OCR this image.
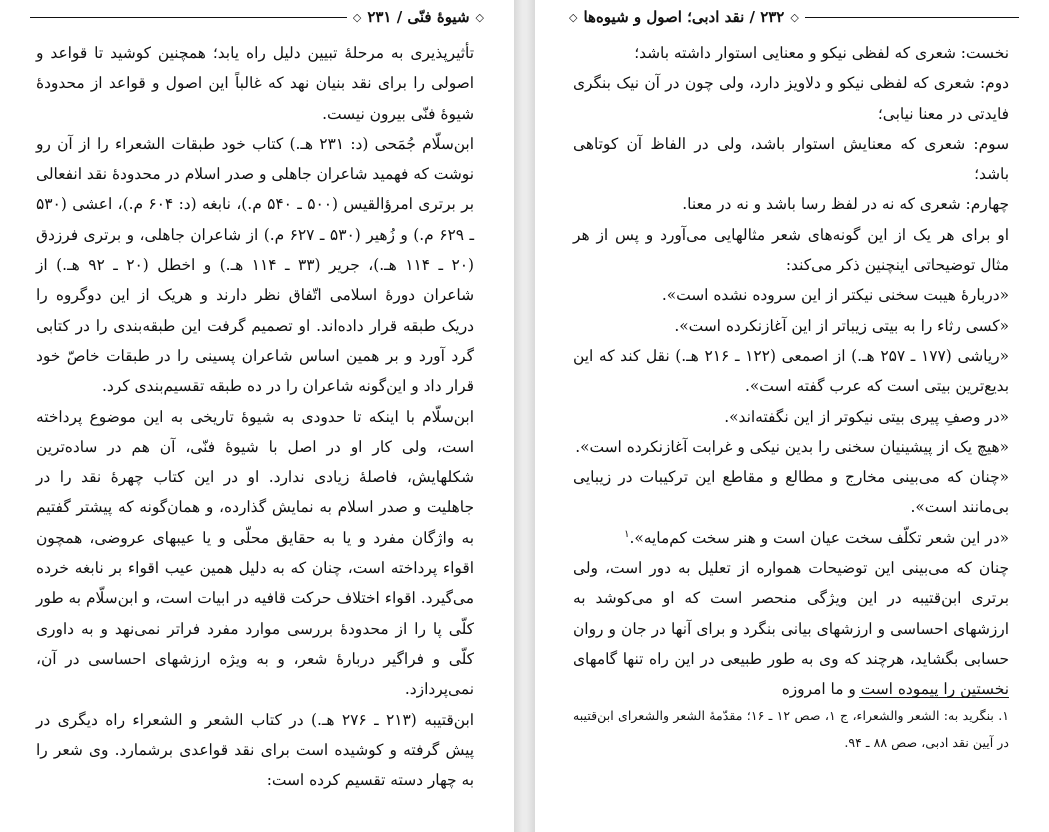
◇
شیوهٔ فنّی / ۲۳۱
◇

تأثیرپذیری به مرحلهٔ تبیین دلیل راه یابد؛ همچنین کوشید تا قواعد و اصولی را برای نقد بنیان نهد که غالباً این اصول و قواعد از محدودهٔ شیوهٔ فنّی بیرون نیست.

ابن‌سلّام جُمَحی (د: ۲۳۱ هـ.) کتاب خود طبقات الشعراء را از آن رو نوشت که فهمید شاعران جاهلی و صدر اسلام در محدودهٔ نقد انفعالی بر برتری امرؤالقیس (۵۰۰ ـ ۵۴۰ م.)، نابغه (د: ۶۰۴ م.)، اعشی (۵۳۰ ـ ۶۲۹ م.) و زُهیر (۵۳۰ ـ ۶۲۷ م.) از شاعران جاهلی، و برتری فرزدق (۲۰ ـ ۱۱۴ هـ.)، جریر (۳۳ ـ ۱۱۴ هـ.) و اخطل (۲۰ ـ ۹۲ هـ.) از شاعران دورهٔ اسلامی اتّفاق نظر دارند و هریک از این دوگروه را دریک طبقه قرار داده‌اند. او تصمیم گرفت این طبقه‌بندی را در کتابی گرد آورد و بر همین اساس شاعران پسینی را در طبقات خاصّ خود قرار داد و این‌گونه شاعران را در ده طبقه تقسیم‌بندی کرد.

ابن‌سلّام با اینکه تا حدودی به شیوهٔ تاریخی به این موضوع پرداخته است، ولی کار او در اصل با شیوهٔ فنّی، آن هم در ساده‌ترین شکلهایش، فاصلهٔ زیادی ندارد. او در این کتاب چهرهٔ نقد را در جاهلیت و صدر اسلام به نمایش گذارده، و همان‌گونه که پیشتر گفتیم به واژگان مفرد و یا به حقایق محلّی و یا عیبهای عروضی، همچون اقواء پرداخته است، چنان که به دلیل همین عیب اقواء بر نابغه خرده می‌گیرد. اقواء اختلاف حرکت قافیه در ابیات است، و ابن‌سلّام به طور کلّی پا را از محدودهٔ بررسی موارد مفرد فراتر نمی‌نهد و به داوری کلّی و فراگیر دربارهٔ شعر، و به ویژه ارزشهای احساسی در آن، نمی‌پردازد.

ابن‌قتیبه (۲۱۳ ـ ۲۷۶ هـ.) در کتاب الشعر و الشعراء راه دیگری در پیش گرفته و کوشیده است برای نقد قواعدی برشمارد. وی شعر را به چهار دسته تقسیم کرده است:

◇
۲۳۲ / نقد ادبی؛ اصول و شیوه‌ها
◇

نخست: شعری که لفظی نیکو و معنایی استوار داشته باشد؛

دوم: شعری که لفظی نیکو و دلاویز دارد، ولی چون در آن نیک بنگری فایدتی در معنا نیابی؛

سوم: شعری که معنایش استوار باشد، ولی در الفاظ آن کوتاهی باشد؛

چهارم: شعری که نه در لفظ رسا باشد و نه در معنا.

او برای هر یک از این گونه‌های شعر مثالهایی می‌آورد و پس از هر مثال توضیحاتی اینچنین ذکر می‌کند:

«دربارهٔ هیبت سخنی نیکتر از این سروده نشده است».

«کسی رثاء را به بیتی زیباتر از این آغازنکرده است».

«ریاشی (۱۷۷ ـ ۲۵۷ هـ.) از اصمعی (۱۲۲ ـ ۲۱۶ هـ.) نقل کند که این بدیع‌ترین بیتی است که عرب گفته است».

«در وصفِ پیری بیتی نیکوتر از این نگفته‌اند».

«هیچ یک از پیشینیان سخنی را بدین نیکی و غرابت آغازنکرده است».

«چنان که می‌بینی مخارج و مطالع و مقاطع این ترکیبات در زیبایی بی‌مانند است».

«در این شعر تکلّف سخت عیان است و هنر سخت کم‌مایه».$^۱$

چنان که می‌بینی این توضیحات همواره از تعلیل به دور است، ولی برتری ابن‌قتیبه در این ویژگی منحصر است که او می‌کوشد به ارزشهای احساسی و ارزشهای بیانی بنگرد و برای آنها در جان و روان حسابی بگشاید، هرچند که وی به طور طبیعی در این راه تنها گامهای نخستین را پیموده است و ما امروزه

۱. بنگرید به: الشعر والشعراء، ج ۱، صص ۱۲ ـ ۱۶؛ مقدّمهٔ الشعر والشعرای ابن‌قتیبه در آیین نقد ادبی، صص ۸۸ ـ ۹۴.
